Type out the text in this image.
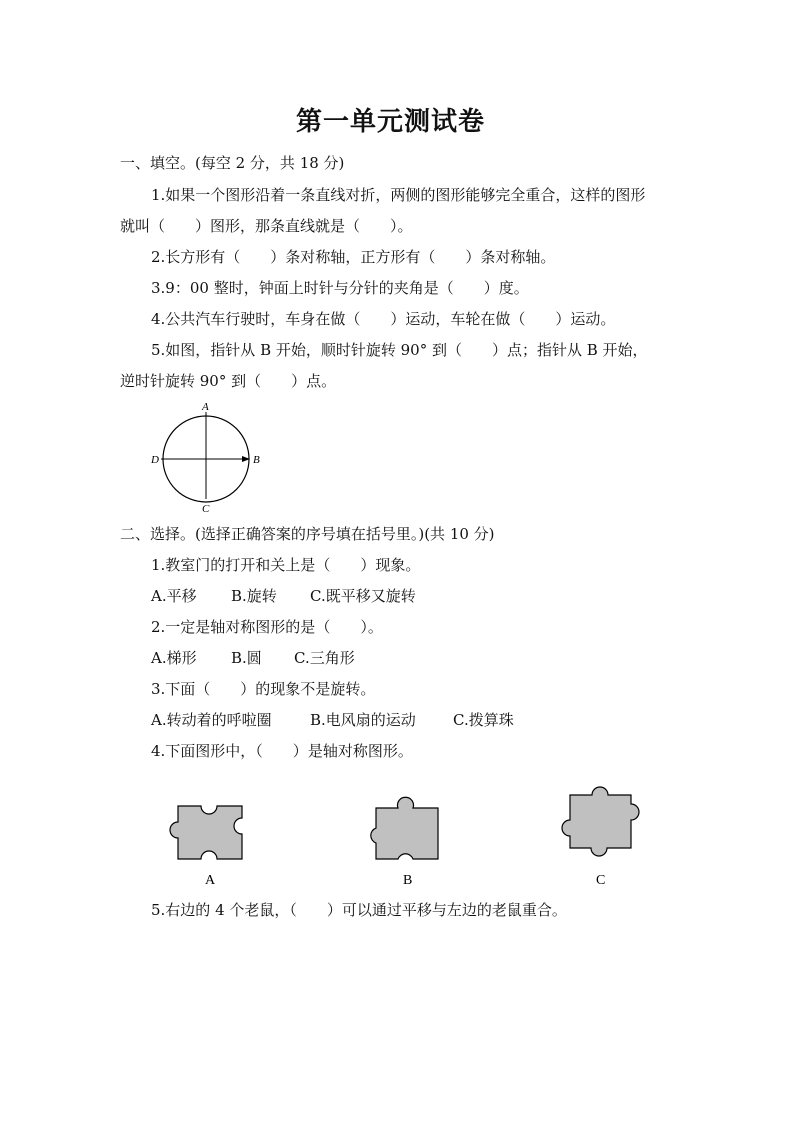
第一单元测试卷
一、填空。(每空 2 分，共 18 分)
1.如果一个图形沿着一条直线对折，两侧的图形能够完全重合，这样的图形
就叫（　　）图形，那条直线就是（　　）。
2.长方形有（　　）条对称轴，正方形有（　　）条对称轴。
3.9：00 整时，钟面上时针与分针的夹角是（　　）度。
4.公共汽车行驶时，车身在做（　　）运动，车轮在做（　　）运动。
5.如图，指针从 B 开始，顺时针旋转 90° 到（　　）点；指针从 B 开始，
逆时针旋转 90° 到（　　）点。
A
B
C
D
二、选择。(选择正确答案的序号填在括号里。)(共 10 分)
1.教室门的打开和关上是（　　）现象。
A.平移 B.旋转 C.既平移又旋转
2.一定是轴对称图形的是（　　）。
A.梯形 B.圆 C.三角形
3.下面（　　）的现象不是旋转。
A.转动着的呼啦圈	B.电风扇的运动 C.拨算珠
4.下面图形中，（　　）是轴对称图形。
A	B	C
5.右边的 4 个老鼠，（　　）可以通过平移与左边的老鼠重合。
